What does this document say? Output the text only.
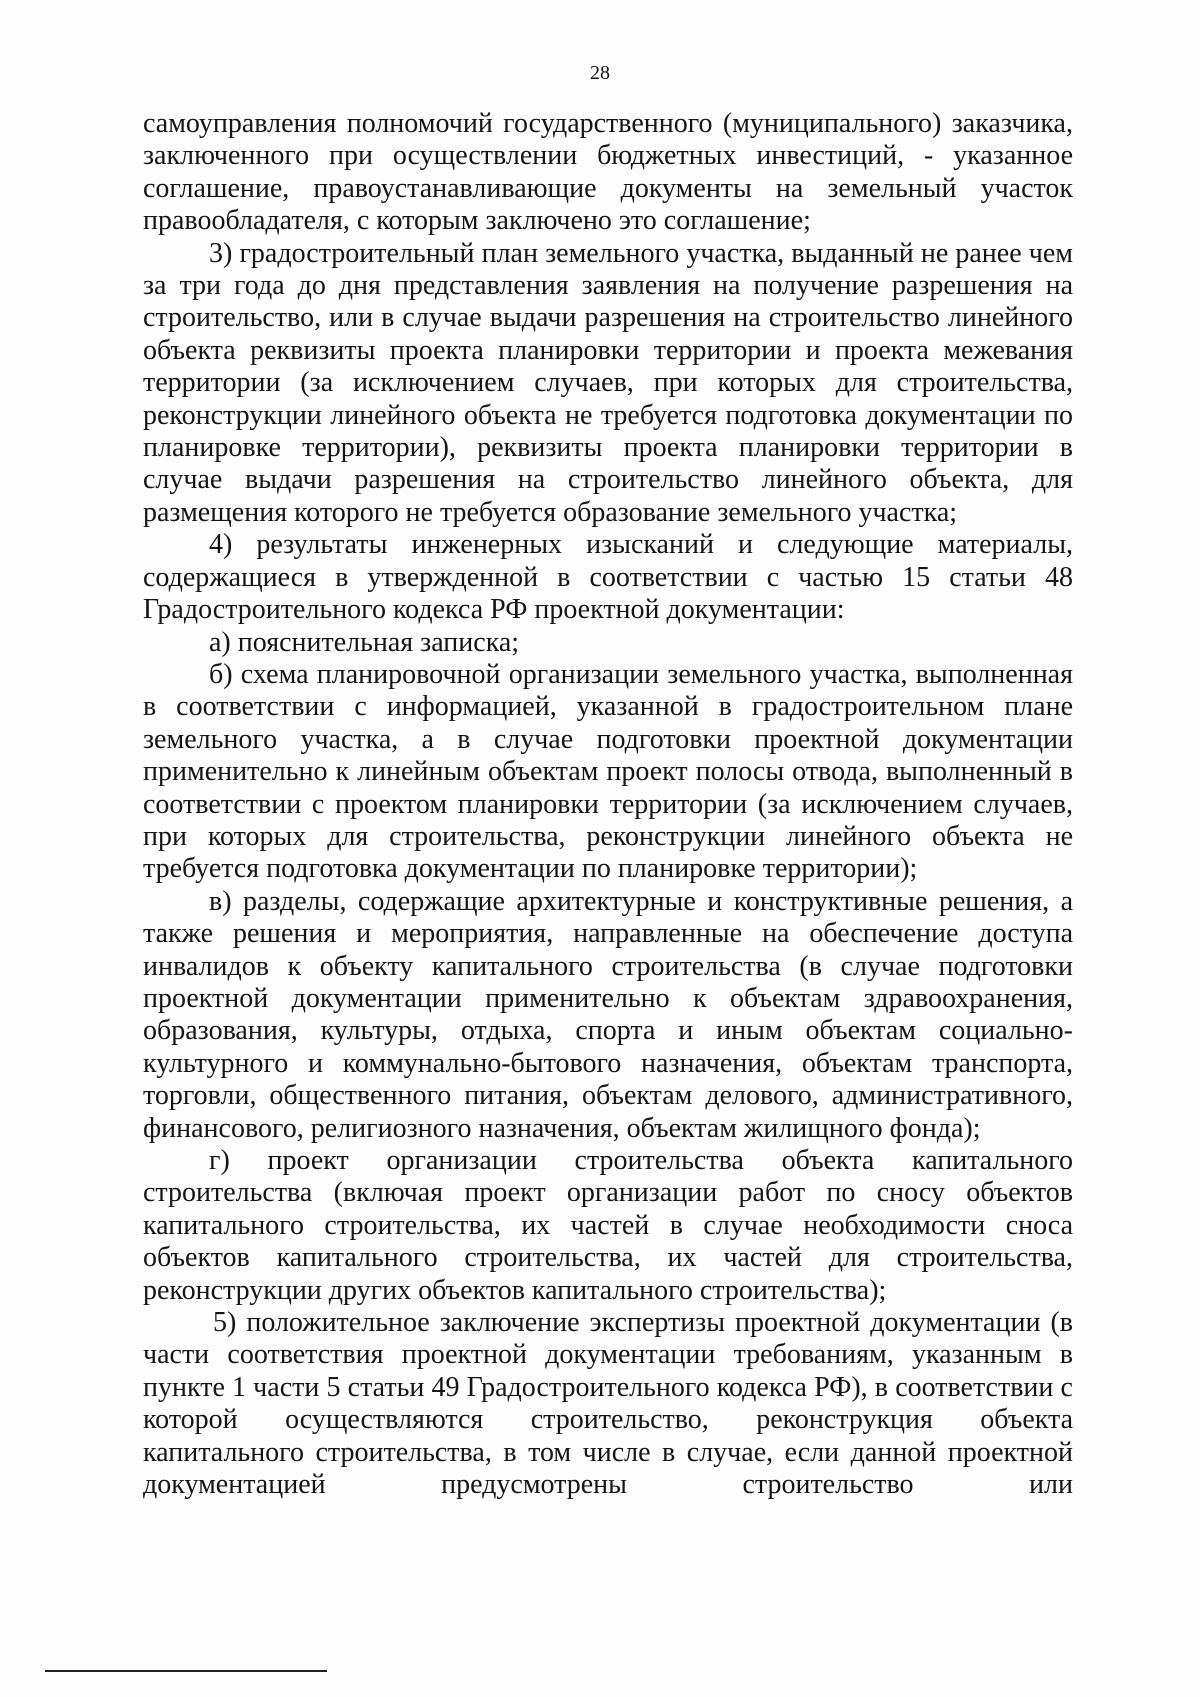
28

самоуправления полномочий государственного (муниципального) заказчика, заключенного при осуществлении бюджетных инвестиций, - указанное соглашение, правоустанавливающие документы на земельный участок правообладателя, с которым заключено это соглашение;

3) градостроительный план земельного участка, выданный не ранее чем за три года до дня представления заявления на получение разрешения на строительство, или в случае выдачи разрешения на строительство линейного объекта реквизиты проекта планировки территории и проекта межевания территории (за исключением случаев, при которых для строительства, реконструкции линейного объекта не требуется подготовка документации по планировке территории), реквизиты проекта планировки территории в случае выдачи разрешения на строительство линейного объекта, для размещения которого не требуется образование земельного участка;

4) результаты инженерных изысканий и следующие материалы, содержащиеся в утвержденной в соответствии с частью 15 статьи 48 Градостроительного кодекса РФ проектной документации:

а) пояснительная записка;

б) схема планировочной организации земельного участка, выполненная в соответствии с информацией, указанной в градостроительном плане земельного участка, а в случае подготовки проектной документации применительно к линейным объектам проект полосы отвода, выполненный в соответствии с проектом планировки территории (за исключением случаев, при которых для строительства, реконструкции линейного объекта не требуется подготовка документации по планировке территории);

в) разделы, содержащие архитектурные и конструктивные решения, а также решения и мероприятия, направленные на обеспечение доступа инвалидов к объекту капитального строительства (в случае подготовки проектной документации применительно к объектам здравоохранения, образования, культуры, отдыха, спорта и иным объектам социально-культурного и коммунально-бытового назначения, объектам транспорта, торговли, общественного питания, объектам делового, административного, финансового, религиозного назначения, объектам жилищного фонда);

г) проект организации строительства объекта капитального строительства (включая проект организации работ по сносу объектов капитального строительства, их частей в случае необходимости сноса объектов капитального строительства, их частей для строительства, реконструкции других объектов капитального строительства);

5) положительное заключение экспертизы проектной документации (в части соответствия проектной документации требованиям, указанным в пункте 1 части 5 статьи 49 Градостроительного кодекса РФ), в соответствии с которой осуществляются строительство, реконструкция объекта капитального строительства, в том числе в случае, если данной проектной документацией предусмотрены строительство или
